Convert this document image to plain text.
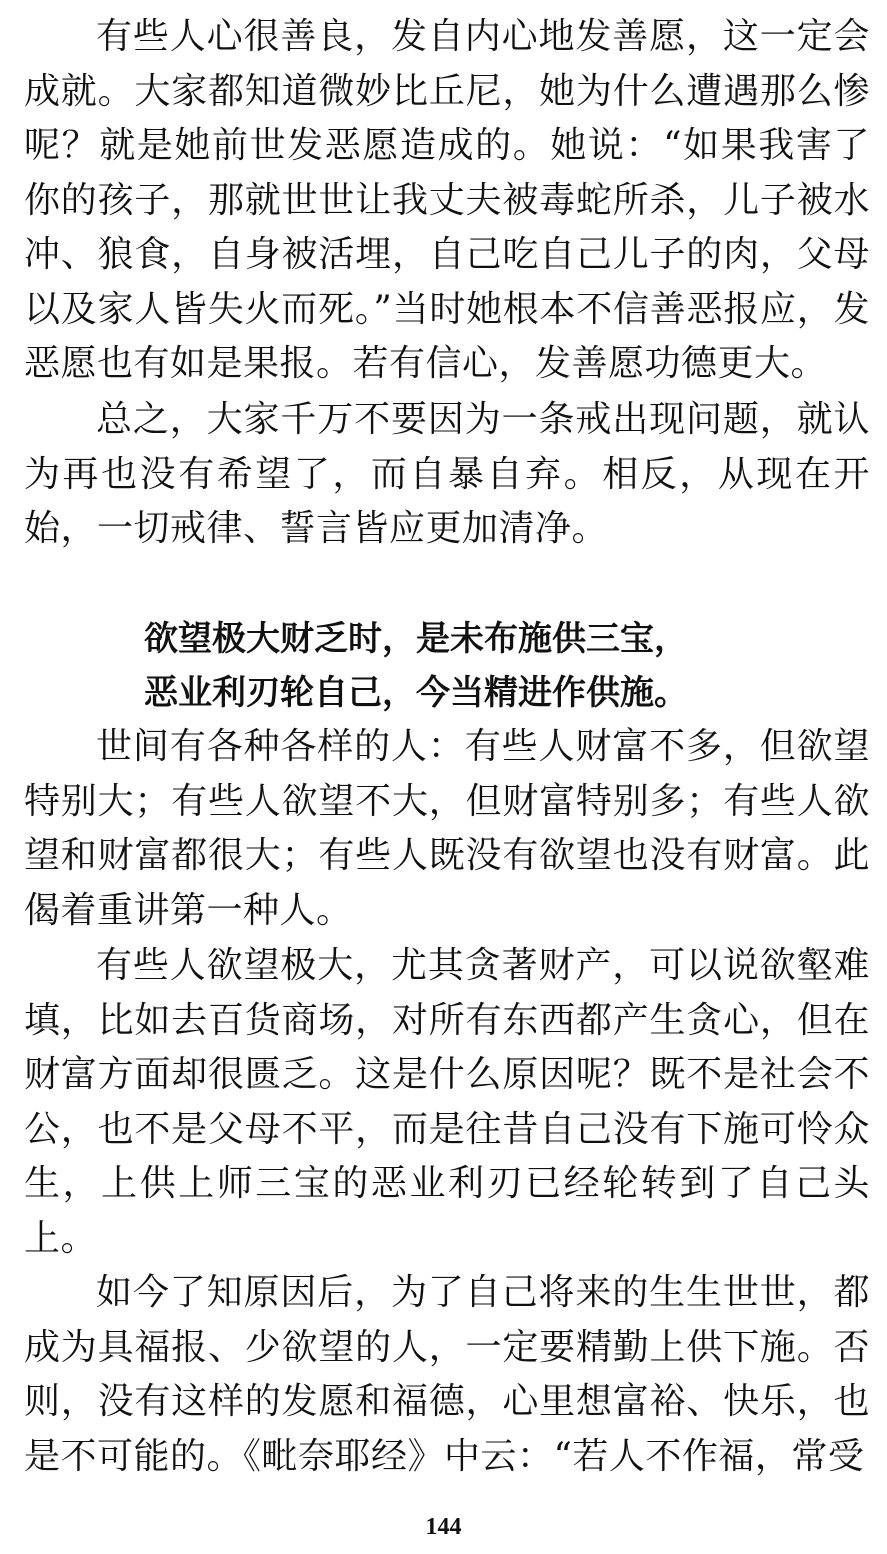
有些人心很善良，发自内心地发善愿，这一定会成就。大家都知道微妙比丘尼，她为什么遭遇那么惨呢？就是她前世发恶愿造成的。她说：“如果我害了你的孩子，那就世世让我丈夫被毒蛇所杀，儿子被水冲、狼食，自身被活埋，自己吃自己儿子的肉，父母以及家人皆失火而死。”当时她根本不信善恶报应，发恶愿也有如是果报。若有信心，发善愿功德更大。

总之，大家千万不要因为一条戒出现问题，就认为再也没有希望了，而自暴自弃。相反，从现在开始，一切戒律、誓言皆应更加清净。

欲望极大财乏时，是未布施供三宝，

恶业利刃轮自己，今当精进作供施。

世间有各种各样的人：有些人财富不多，但欲望特别大；有些人欲望不大，但财富特别多；有些人欲望和财富都很大；有些人既没有欲望也没有财富。此偈着重讲第一种人。

有些人欲望极大，尤其贪著财产，可以说欲壑难填，比如去百货商场，对所有东西都产生贪心，但在财富方面却很匮乏。这是什么原因呢？既不是社会不公，也不是父母不平，而是往昔自己没有下施可怜众生，上供上师三宝的恶业利刃已经轮转到了自己头上。

如今了知原因后，为了自己将来的生生世世，都成为具福报、少欲望的人，一定要精勤上供下施。否则，没有这样的发愿和福德，心里想富裕、快乐，也是不可能的。《毗奈耶经》中云：“若人不作福，常受

144
